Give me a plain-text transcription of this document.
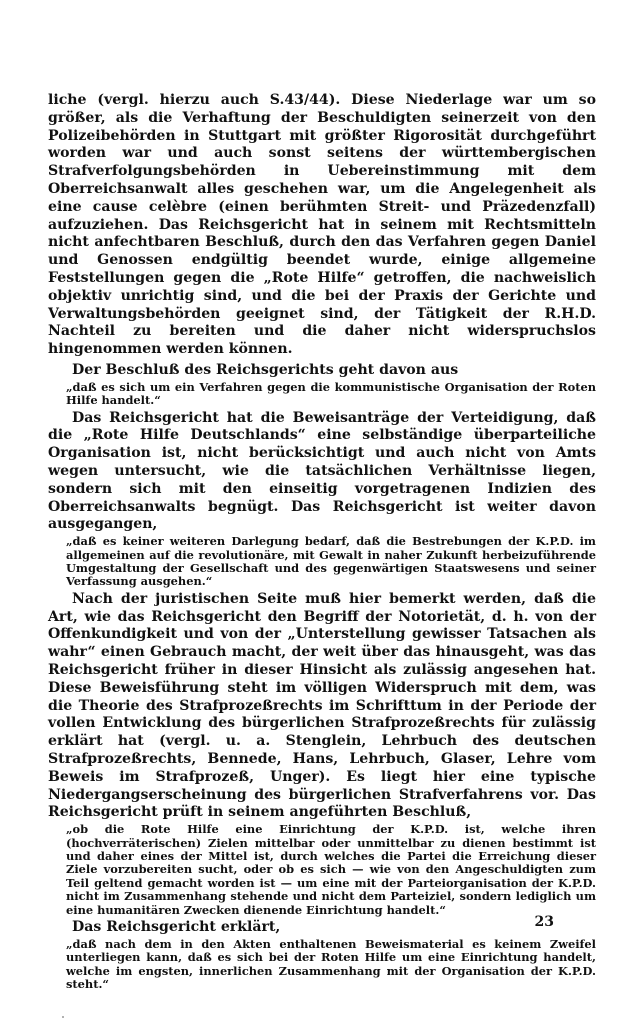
liche (vergl. hierzu auch S.43/44). Diese Niederlage war um so größer, als die Verhaftung der Beschuldigten seinerzeit von den Polizeibehörden in Stuttgart mit größter Rigorosität durchgeführt worden war und auch sonst seitens der württembergischen Strafverfolgungsbehörden in Uebereinstimmung mit dem Oberreichsanwalt alles geschehen war, um die Angelegenheit als eine cause celèbre (einen berühmten Streit- und Präzedenzfall) aufzuziehen. Das Reichsgericht hat in seinem mit Rechtsmitteln nicht anfechtbaren Beschluß, durch den das Verfahren gegen Daniel und Genossen endgültig beendet wurde, einige allgemeine Feststellungen gegen die „Rote Hilfe“ getroffen, die nachweislich objektiv unrichtig sind, und die bei der Praxis der Gerichte und Verwaltungsbehörden geeignet sind, der Tätigkeit der R.H.D. Nachteil zu bereiten und die daher nicht widerspruchslos hingenommen werden können.

Der Beschluß des Reichsgerichts geht davon aus

„daß es sich um ein Verfahren gegen die kommunistische Organisation der Roten Hilfe handelt.“

Das Reichsgericht hat die Beweisanträge der Verteidigung, daß die „Rote Hilfe Deutschlands“ eine selbständige überparteiliche Organisation ist, nicht berücksichtigt und auch nicht von Amts wegen untersucht, wie die tatsächlichen Verhältnisse liegen, sondern sich mit den einseitig vorgetragenen Indizien des Oberreichsanwalts begnügt. Das Reichsgericht ist weiter davon ausgegangen,

„daß es keiner weiteren Darlegung bedarf, daß die Bestrebungen der K.P.D. im allgemeinen auf die revolutionäre, mit Gewalt in naher Zukunft herbeizuführende Umgestaltung der Gesellschaft und des gegenwärtigen Staatswesens und seiner Verfassung ausgehen.“

Nach der juristischen Seite muß hier bemerkt werden, daß die Art, wie das Reichsgericht den Begriff der Notorietät, d. h. von der Offenkundigkeit und von der „Unterstellung gewisser Tatsachen als wahr“ einen Gebrauch macht, der weit über das hinausgeht, was das Reichsgericht früher in dieser Hinsicht als zulässig angesehen hat. Diese Beweisführung steht im völligen Widerspruch mit dem, was die Theorie des Strafprozeßrechts im Schrifttum in der Periode der vollen Entwicklung des bürgerlichen Strafprozeßrechts für zulässig erklärt hat (vergl. u. a. Stenglein, Lehrbuch des deutschen Strafprozeßrechts, Bennede, Hans, Lehrbuch, Glaser, Lehre vom Beweis im Strafprozeß, Unger). Es liegt hier eine typische Niedergangserscheinung des bürgerlichen Strafverfahrens vor. Das Reichsgericht prüft in seinem angeführten Beschluß,

„ob die Rote Hilfe eine Einrichtung der K.P.D. ist, welche ihren (hochverräterischen) Zielen mittelbar oder unmittelbar zu dienen bestimmt ist und daher eines der Mittel ist, durch welches die Partei die Erreichung dieser Ziele vorzubereiten sucht, oder ob es sich — wie von den Angeschuldigten zum Teil geltend gemacht worden ist — um eine mit der Parteiorganisation der K.P.D. nicht im Zusammenhang stehende und nicht dem Parteiziel, sondern lediglich um eine humanitären Zwecken dienende Einrichtung handelt.“

Das Reichsgericht erklärt,

„daß nach dem in den Akten enthaltenen Beweismaterial es keinem Zweifel unterliegen kann, daß es sich bei der Roten Hilfe um eine Einrichtung handelt, welche im engsten, innerlichen Zusammenhang mit der Organisation der K.P.D. steht.“

23
